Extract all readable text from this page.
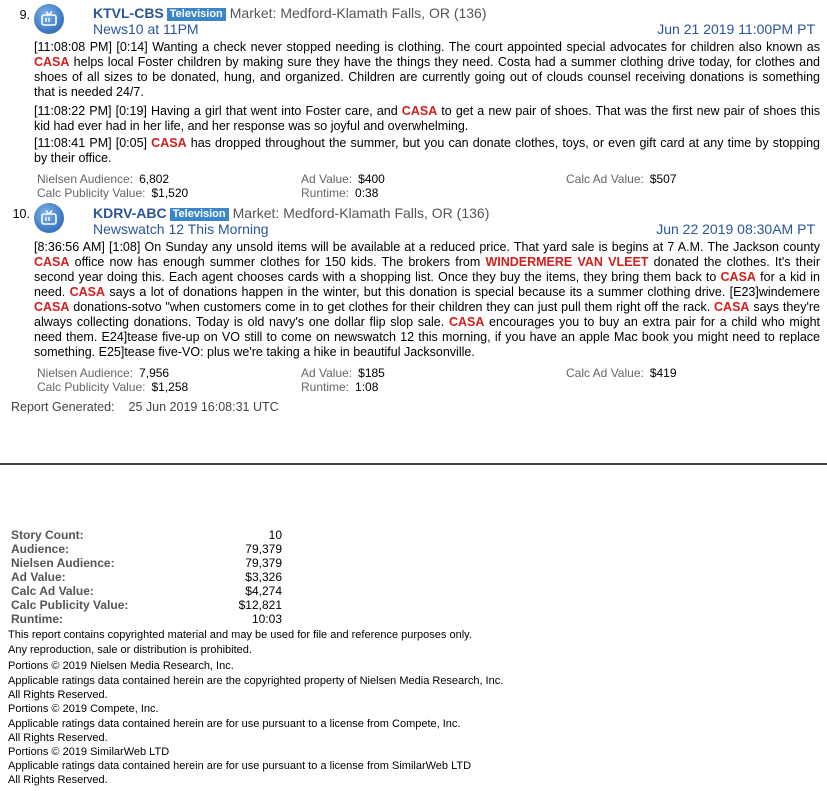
9.	KTVL-CBS Television Market: Medford-Klamath Falls, OR (136)
News10 at 11PM	Jun 21 2019 11:00PM PT
[11:08:08 PM] [0:14] Wanting a check never stopped needing is clothing. The court appointed special advocates for children also known as CASA helps local Foster children by making sure they have the things they need. Costa had a summer clothing drive today, for clothes and shoes of all sizes to be donated, hung, and organized. Children are currently going out of clouds counsel receiving donations is something that is needed 24/7.
[11:08:22 PM] [0:19] Having a girl that went into Foster care, and CASA to get a new pair of shoes. That was the first new pair of shoes this kid had ever had in her life, and her response was so joyful and overwhelming.
[11:08:41 PM] [0:05] CASA has dropped throughout the summer, but you can donate clothes, toys, or even gift card at any time by stopping by their office.
Nielsen Audience: 6,802	Ad Value: $400	Calc Ad Value: $507
Calc Publicity Value: $1,520	Runtime: 0:38
10.	KDRV-ABC Television Market: Medford-Klamath Falls, OR (136)
Newswatch 12 This Morning	Jun 22 2019 08:30AM PT
[8:36:56 AM] [1:08] On Sunday any unsold items will be available at a reduced price. That yard sale is begins at 7 A.M. The Jackson county CASA office now has enough summer clothes for 150 kids. The brokers from WINDERMERE VAN VLEET donated the clothes. It's their second year doing this. Each agent chooses cards with a shopping list. Once they buy the items, they bring them back to CASA for a kid in need. CASA says a lot of donations happen in the winter, but this donation is special because its a summer clothing drive. [E23]windemere CASA donations-sotvo "when customers come in to get clothes for their children they can just pull them right off the rack. CASA says they're always collecting donations. Today is old navy's one dollar flip slop sale. CASA encourages you to buy an extra pair for a child who might need them. E24]tease five-up on VO still to come on newswatch 12 this morning, if you have an apple Mac book you might need to replace something. E25]tease five-VO: plus we're taking a hike in beautiful Jacksonville.
Nielsen Audience: 7,956	Ad Value: $185	Calc Ad Value: $419
Calc Publicity Value: $1,258	Runtime: 1:08
Report Generated: 25 Jun 2019 16:08:31 UTC
Story Count:	10
Audience:	79,379
Nielsen Audience:	79,379
Ad Value:	$3,326
Calc Ad Value:	$4,274
Calc Publicity Value:	$12,821
Runtime:	10:03
This report contains copyrighted material and may be used for file and reference purposes only.
Any reproduction, sale or distribution is prohibited.
Portions © 2019 Nielsen Media Research, Inc.
Applicable ratings data contained herein are the copyrighted property of Nielsen Media Research, Inc.
All Rights Reserved.
Portions © 2019 Compete, Inc.
Applicable ratings data contained herein are for use pursuant to a license from Compete, Inc.
All Rights Reserved.
Portions © 2019 SimilarWeb LTD
Applicable ratings data contained herein are for use pursuant to a license from SimilarWeb LTD
All Rights Reserved.
